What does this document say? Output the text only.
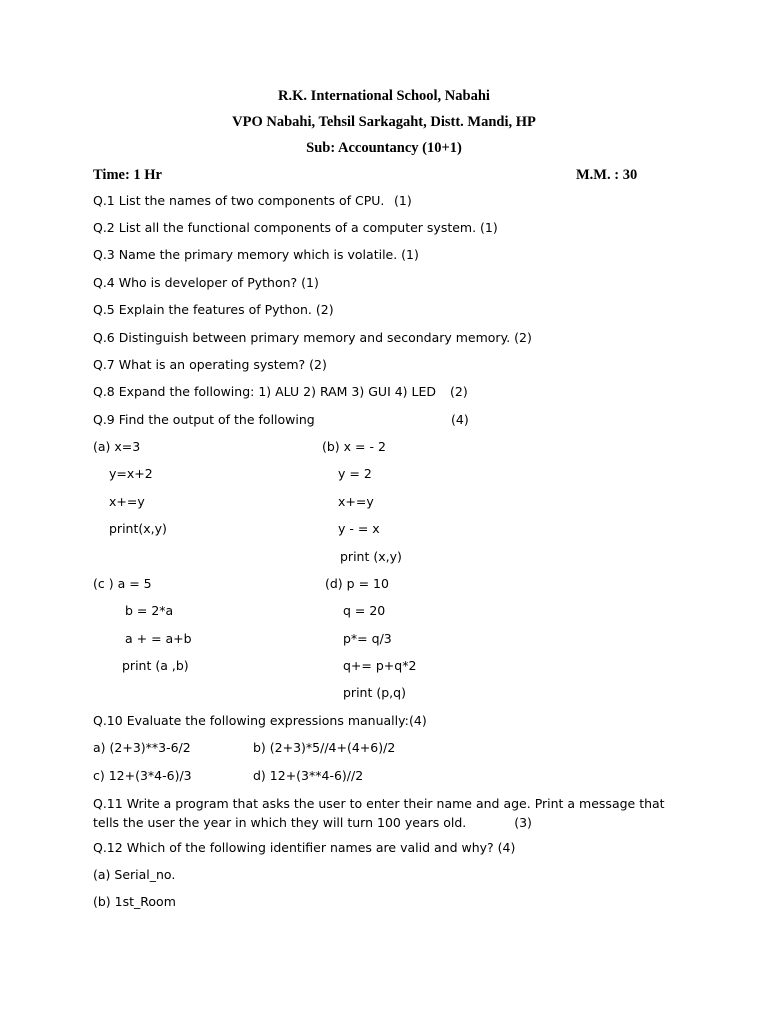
R.K. International School, Nabahi
VPO Nabahi, Tehsil Sarkagaht, Distt. Mandi, HP
Sub: Accountancy (10+1)
Time: 1 Hr	M.M. : 30
Q.1 List the names of two components of CPU. (1)
Q.2 List all the functional components of a computer system. (1)
Q.3 Name the primary memory which is volatile. (1)
Q.4 Who is developer of Python? (1)
Q.5 Explain the features of Python. (2)
Q.6 Distinguish between primary memory and secondary memory. (2)
Q.7 What is an operating system? (2)
Q.8 Expand the following: 1) ALU 2) RAM 3) GUI 4) LED (2)
Q.9 Find the output of the following	(4)
(a) x=3
y=x+2
x+=y
print(x,y)
(b) x = - 2
y = 2
x+=y
y - = x
print (x,y)
(c ) a = 5
b = 2*a
a + = a+b
print (a ,b)
(d) p = 10
q = 20
p*= q/3
q+= p+q*2
print (p,q)
Q.10 Evaluate the following expressions manually: (4)
a) (2+3)**3-6/2	b) (2+3)*5//4+(4+6)/2
c) 12+(3*4-6)/3	d) 12+(3**4-6)//2
Q.11 Write a program that asks the user to enter their name and age. Print a message that tells the user the year in which they will turn 100 years old.	(3)
Q.12 Which of the following identifier names are valid and why? (4)
(a) Serial_no.
(b) 1st_Room
